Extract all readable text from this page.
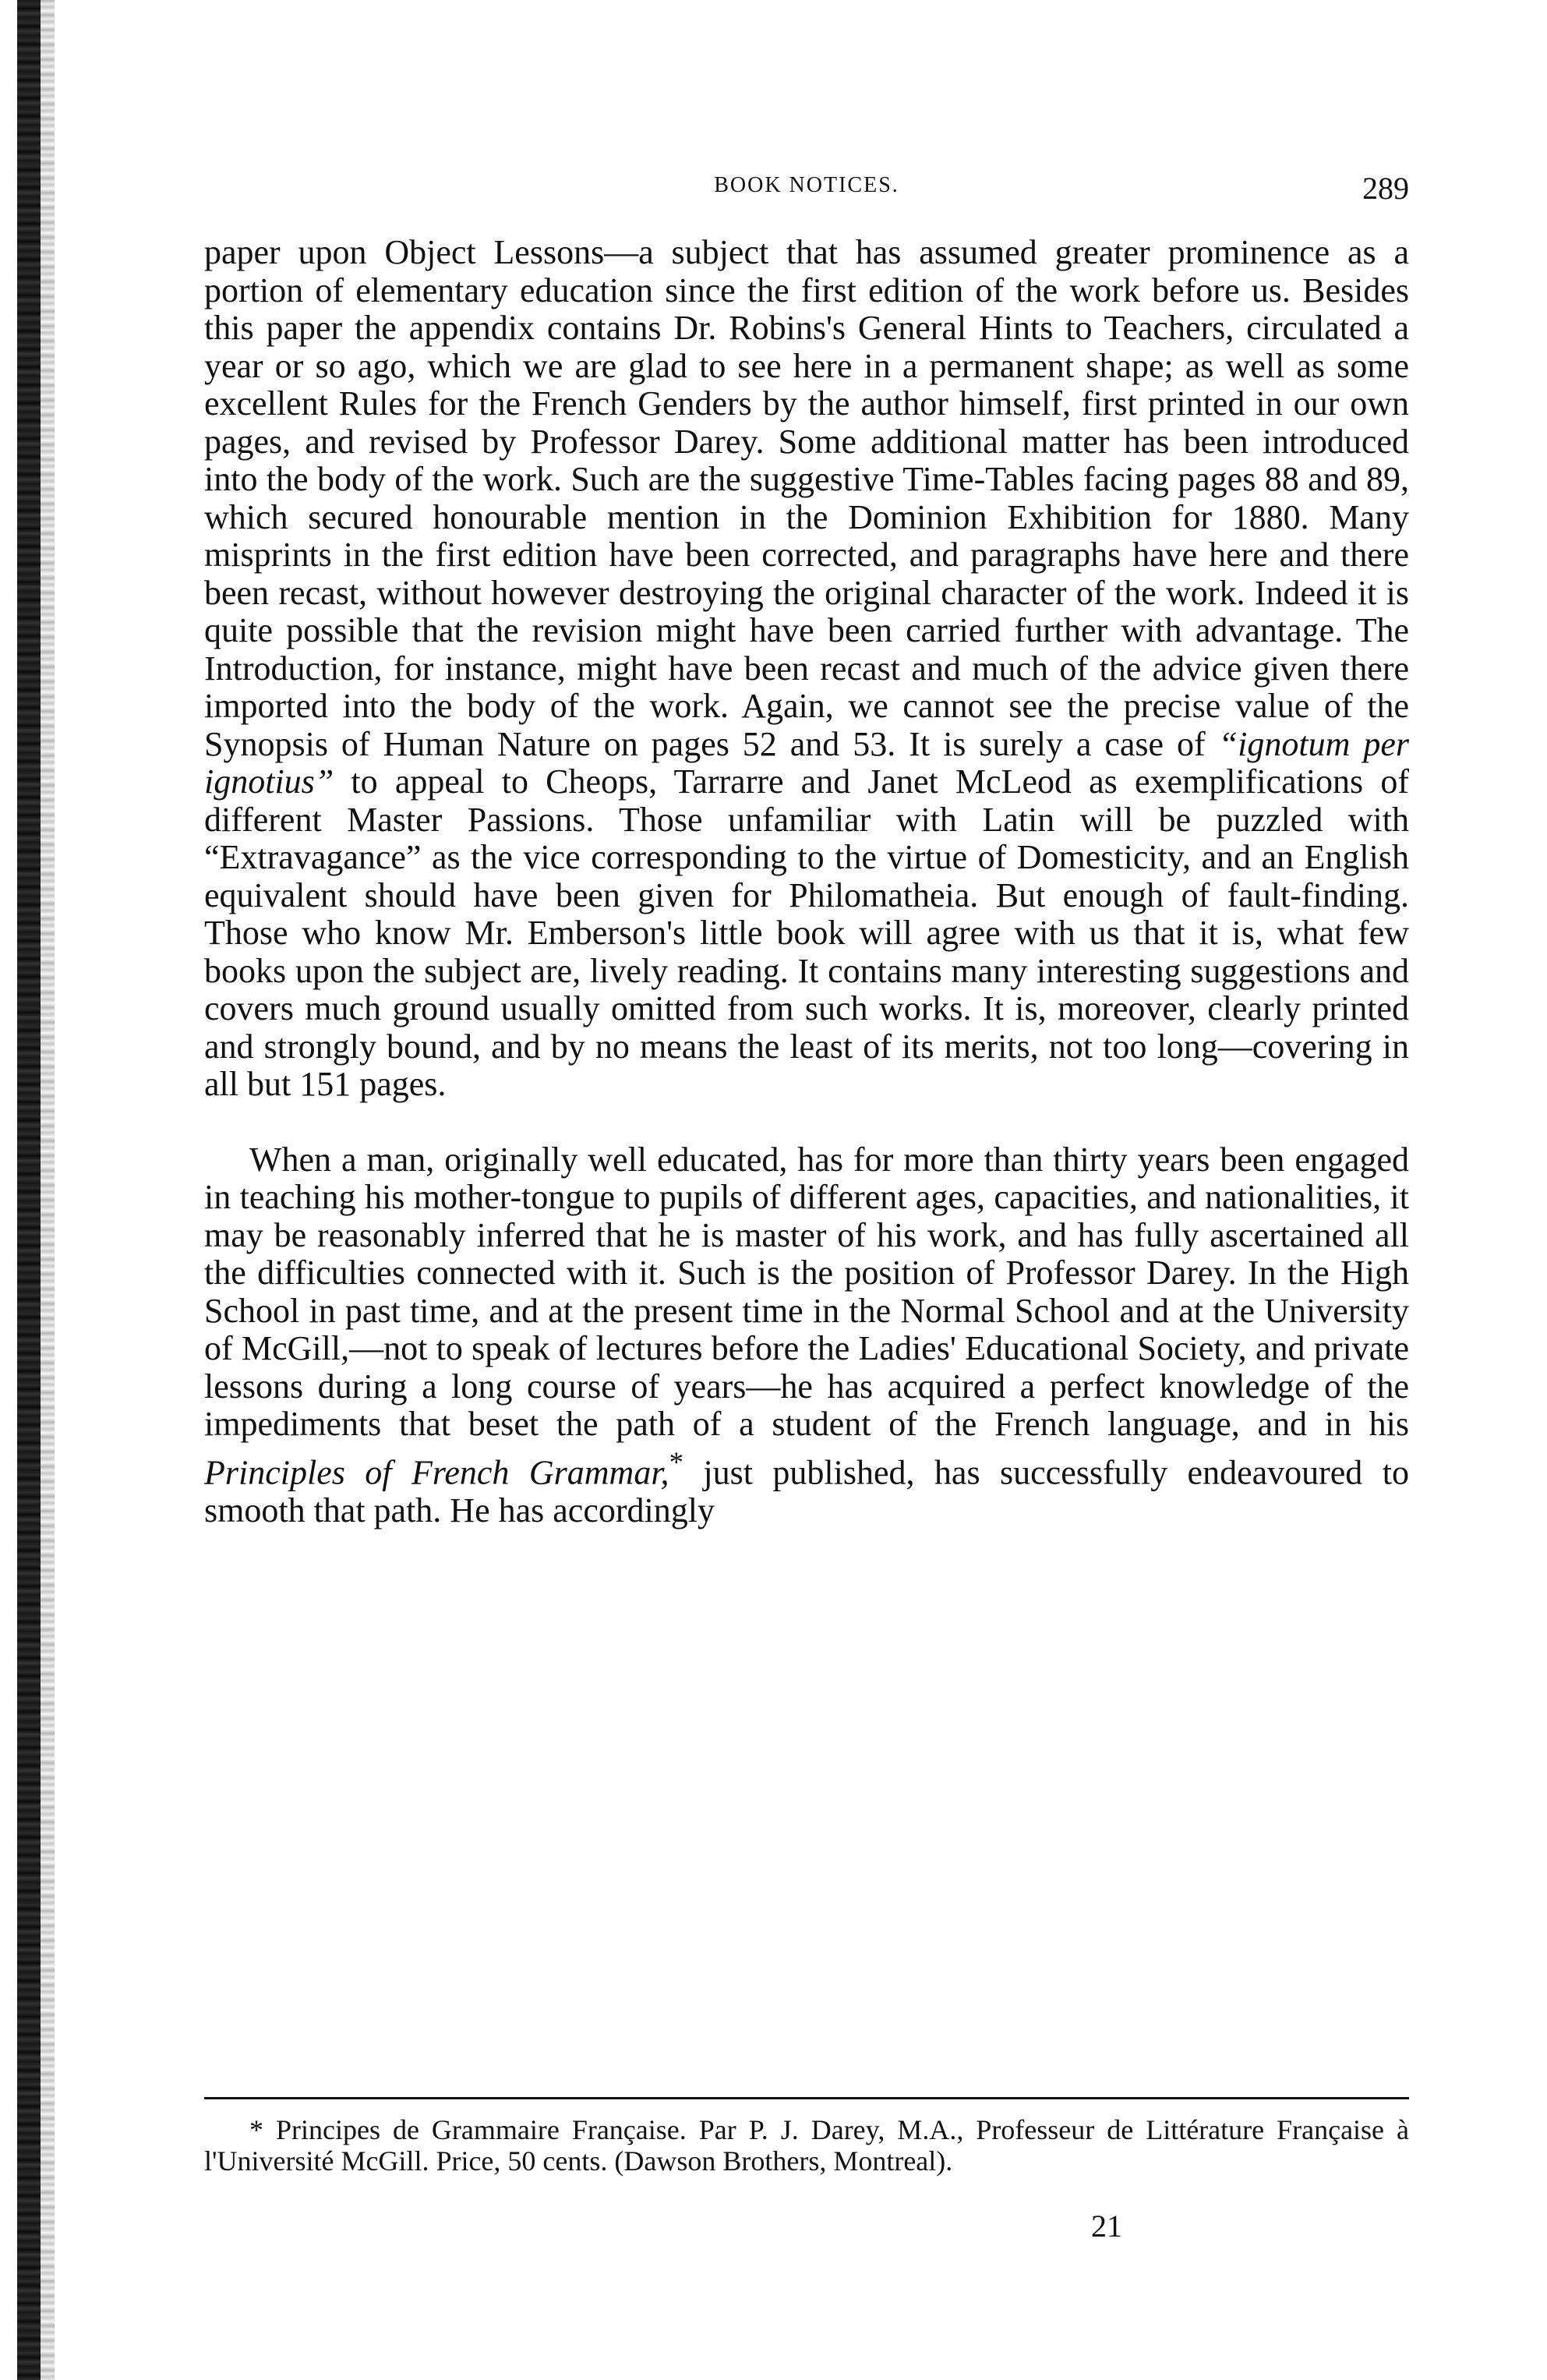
BOOK NOTICES.	289

paper upon Object Lessons—a subject that has assumed greater prominence as a portion of elementary education since the first edition of the work before us. Besides this paper the appendix contains Dr. Robins's General Hints to Teachers, circulated a year or so ago, which we are glad to see here in a permanent shape; as well as some excellent Rules for the French Genders by the author himself, first printed in our own pages, and revised by Professor Darey. Some additional matter has been introduced into the body of the work. Such are the suggestive Time-Tables facing pages 88 and 89, which secured honourable mention in the Dominion Exhibition for 1880. Many misprints in the first edition have been corrected, and paragraphs have here and there been recast, without however destroying the original character of the work. Indeed it is quite possible that the revision might have been carried further with advantage. The Introduction, for instance, might have been recast and much of the advice given there imported into the body of the work. Again, we cannot see the precise value of the Synopsis of Human Nature on pages 52 and 53. It is surely a case of “ignotum per ignotius” to appeal to Cheops, Tarrarre and Janet McLeod as exemplifications of different Master Passions. Those unfamiliar with Latin will be puzzled with “Extravagance” as the vice corresponding to the virtue of Domesticity, and an English equivalent should have been given for Philomatheia. But enough of fault-finding. Those who know Mr. Emberson's little book will agree with us that it is, what few books upon the subject are, lively reading. It contains many interesting suggestions and covers much ground usually omitted from such works. It is, moreover, clearly printed and strongly bound, and by no means the least of its merits, not too long—covering in all but 151 pages.

When a man, originally well educated, has for more than thirty years been engaged in teaching his mother-tongue to pupils of different ages, capacities, and nationalities, it may be reasonably inferred that he is master of his work, and has fully ascertained all the difficulties connected with it. Such is the position of Professor Darey. In the High School in past time, and at the present time in the Normal School and at the University of McGill,—not to speak of lectures before the Ladies' Educational Society, and private lessons during a long course of years—he has acquired a perfect knowledge of the impediments that beset the path of a student of the French language, and in his Principles of French Grammar,* just published, has successfully endeavoured to smooth that path. He has accordingly

* Principes de Grammaire Française. Par P. J. Darey, M.A., Professeur de Littérature Française à l'Université McGill. Price, 50 cents. (Dawson Brothers, Montreal).
21
